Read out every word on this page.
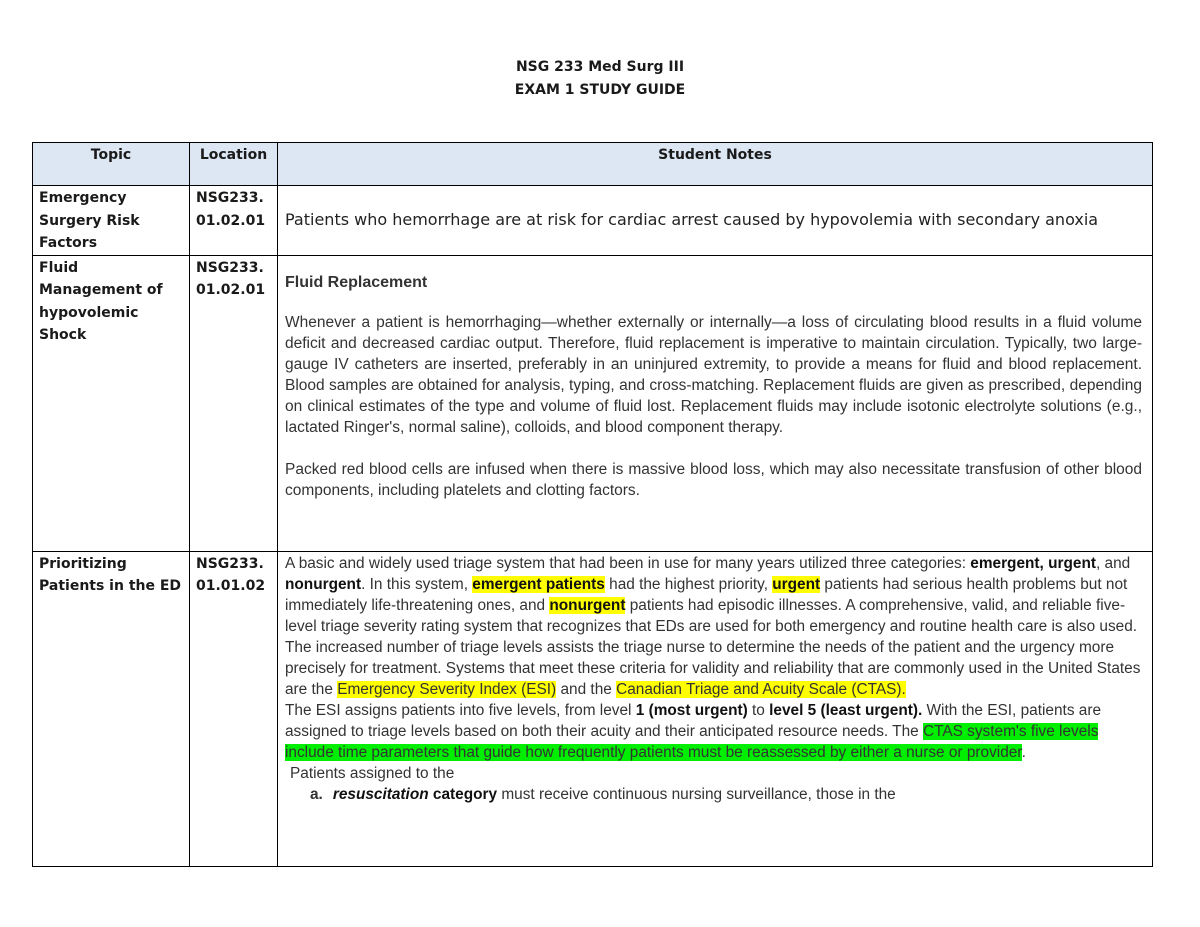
NSG 233 Med Surg III
EXAM 1 STUDY GUIDE
Topic	Location	Student Notes
Emergency Surgery Risk Factors	NSG233. 01.02.01	Patients who hemorrhage are at risk for cardiac arrest caused by hypovolemia with secondary anoxia

Fluid Management of hypovolemic Shock	NSG233. 01.02.01	Fluid Replacement
Whenever a patient is hemorrhaging—whether externally or internally—a loss of circulating blood results in a fluid volume deficit and decreased cardiac output. Therefore, fluid replacement is imperative to maintain circulation. Typically, two large-gauge IV catheters are inserted, preferably in an uninjured extremity, to provide a means for fluid and blood replacement. Blood samples are obtained for analysis, typing, and cross-matching. Replacement fluids are given as prescribed, depending on clinical estimates of the type and volume of fluid lost. Replacement fluids may include isotonic electrolyte solutions (e.g., lactated Ringer's, normal saline), colloids, and blood component therapy.
Packed red blood cells are infused when there is massive blood loss, which may also necessitate transfusion of other blood components, including platelets and clotting factors.

Prioritizing Patients in the ED	NSG233. 01.01.02	A basic and widely used triage system that had been in use for many years utilized three categories: emergent, urgent, and nonurgent. In this system, emergent patients had the highest priority, urgent patients had serious health problems but not immediately life-threatening ones, and nonurgent patients had episodic illnesses. A comprehensive, valid, and reliable five-level triage severity rating system that recognizes that EDs are used for both emergency and routine health care is also used. The increased number of triage levels assists the triage nurse to determine the needs of the patient and the urgency more precisely for treatment. Systems that meet these criteria for validity and reliability that are commonly used in the United States are the Emergency Severity Index (ESI) and the Canadian Triage and Acuity Scale (CTAS).

The ESI assigns patients into five levels, from level 1 (most urgent) to level 5 (least urgent). With the ESI, patients are assigned to triage levels based on both their acuity and their anticipated resource needs. The CTAS system's five levels include time parameters that guide how frequently patients must be reassessed by either a nurse or provider.

Patients assigned to the

a. resuscitation category must receive continuous nursing surveillance, those in the
